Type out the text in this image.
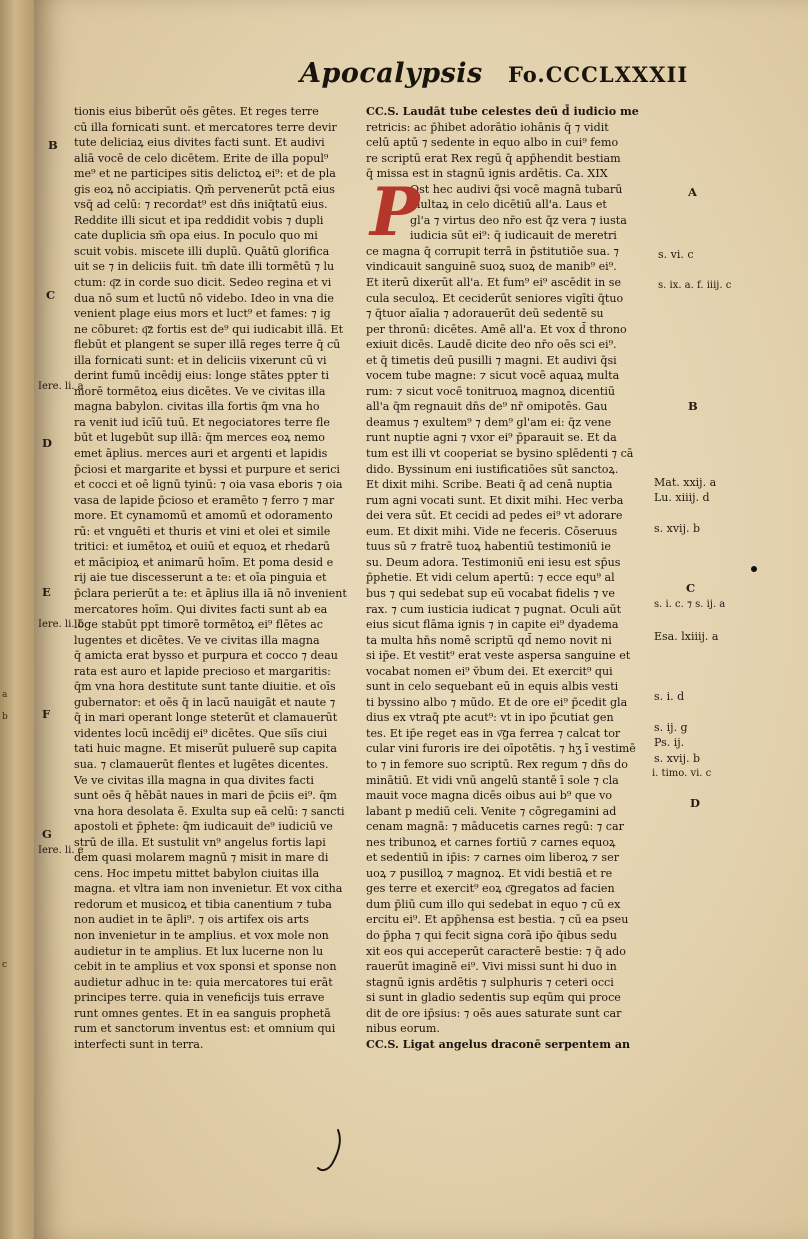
a
b
c
Apocalypsis Fo.CCCLXXXII
tionis eius biberūt oēs gētes. Et reges terre
cū illa fornicati sunt. et mercatores terre devir
tute deliciaꝝ eius divites facti sunt. Et audivi
aliā vocē de celo dicētem. Erite de illa popul⁹
me⁹ et ne participes sitis delictoꝝ ei⁹: et de pla
gis eoꝝ nō accipiatis. Qm̄ pervenerūt pctā eius
vsq̄ ad celū: ⁊ recordat⁹ est dn̄s iniq̄tatū eius.
Reddite illi sicut et ipa reddidit vobis ⁊ dupli
cate duplicia sm̄ opa eius. In poculo quo mi
scuit vobis. miscete illi duplū. Quātū glorifica
uit se ⁊ in deliciis fuit. tm̄ date illi tormētū ⁊ lu
ctum: q͞z in corde suo dicit. Sedeo regina et vi
dua nō sum et luctū nō videbo. Ideo in vna die
venient plage eius mors et luct⁹ et fames: ⁊ ig
ne cōburet: q͞z fortis est de⁹ qui iudicabit illā. Et
flebūt et plangent se super illā reges terre q̄ cū
illa fornicati sunt: et in deliciis vixerunt cū vi
derint fumū incēdij eius: longe stātes ppter ti
morē tormētoꝝ eius dicētes. Ve ve civitas illa
magna babylon. civitas illa fortis q̄m vna ho
ra venit iud icīū tuū. Et negociatores terre fle
būt et lugebūt sup illā: q̄m merces eoꝝ nemo
emet āplius. merces auri et argenti et lapidis
p̄ciosi et margarite et byssi et purpure et serici
et cocci et oē lignū tyinū: ⁊ oia vasa eboris ⁊ oia
vasa de lapide p̄cioso et eramēto ⁊ ferro ⁊ mar
more. Et cynamomū et amomū et odoramento
rū: et vnguēti et thuris et vini et olei et simile
tritici: et iumētoꝝ et ouiū et equoꝝ et rhedarū
et mācipioꝝ et animarū hoīm. Et poma desid e
rij aie tue discesserunt a te: et oīa pinguia et
p̄clara perierūt a te: et āplius illa iā nō invenient
mercatores hoīm. Qui divites facti sunt ab ea
lōge stabūt ppt timorē tormētoꝝ ei⁹ flētes ac
lugentes et dicētes. Ve ve civitas illa magna
q̄ amicta erat bysso et purpura et cocco ⁊ deau
rata est auro et lapide precioso et margaritis:
q̄m vna hora destitute sunt tante diuitie. et oīs
gubernator: et oēs q̄ in lacū nauigāt et naute ⁊
q̄ in mari operant longe steterūt et clamauerūt
videntes locū incēdij ei⁹ dicētes. Que siīs ciui
tati huic magne. Et miserūt puluerē sup capita
sua. ⁊ clamauerūt flentes et lugētes dicentes.
Ve ve civitas illa magna in qua divites facti
sunt oēs q̄ hēbāt naues in mari de p̄ciis ei⁹. q̄m
vna hora desolata ē. Exulta sup eā celū: ⁊ sancti
apostoli et p̄phete: q̄m iudicauit de⁹ iudiciū ve
strū de illa. Et sustulit vn⁹ angelus fortis lapi
dem quasi molarem magnū ⁊ misit in mare di
cens. Hoc impetu mittet babylon ciuitas illa
magna. et vltra iam non invenietur. Et vox citha
redorum et musicoꝝ et tibia canentium ⁊ tuba
non audiet in te āpli⁹. ⁊ ois artifex ois arts
non invenietur in te amplius. et vox mole non
audietur in te amplius. Et lux lucerne non lu
cebit in te amplius et vox sponsi et sponse non
audietur adhuc in te: quia mercatores tui erāt
principes terre. quia in veneficijs tuis errave
runt omnes gentes. Et in ea sanguis prophetā
rum et sanctorum inventus est: et omnium qui
interfecti sunt in terra.
CC.S. Laudāt tube celestes deū d̄ iudicio me
retricis: ac p̄hibet adorātio iohānis q̄ ⁊ vidit
celū aptū ⁊ sedente in equo albo in cui⁹ femo
re scriptū erat Rex regū q̄ app̄hendit bestiam
q̄ missa est in stagnū ignis ardētis. Ca. XIX
Ost hec audivi q̄si vocē magnā tubarū
multaꝝ in celo dicētiū all'a. Laus et
gl'a ⁊ virtus deo nr̄o est q̄z vera ⁊ iusta
iudicia sūt ei⁹: q̄ iudicauit de meretri
ce magna q̄ corrupit terrā in p̄stitutiōe sua. ⁊
vindicauit sanguinē suoꝝ suoꝝ de manib⁹ ei⁹.
Et iterū dixerūt all'a. Et fum⁹ ei⁹ ascēdit in se
cula seculoꝝ. Et ceciderūt seniores vigīti q̄tuo
⁊ q̄tuor aīalia ⁊ adorauerūt deū sedentē su
per thronū: dicētes. Amē all'a. Et vox d̄ throno
exiuit dicēs. Laudē dicite deo nr̄o oēs sci ei⁹.
et q̄ timetis deū pusilli ⁊ magni. Et audivi q̄si
vocem tube magne: ⁊ sicut vocē aquaꝝ multa
rum: ⁊ sicut vocē tonitruoꝝ magnoꝝ dicentiū
all'a q̄m regnauit dn̄s de⁹ nr̄ omipotēs. Gau
deamus ⁊ exultem⁹ ⁊ dem⁹ gl'am ei: q̄z vene
runt nuptie agni ⁊ vxor ei⁹ p̄parauit se. Et da
tum est illi vt cooperiat se bysino splēdenti ⁊ cā
dido. Byssinum eni iustificatiōes sūt sanctoꝝ.
Et dixit mihi. Scribe. Beati q̄ ad cenā nuptia
rum agni vocati sunt. Et dixit mihi. Hec verba
dei vera sūt. Et cecidi ad pedes ei⁹ vt adorare
eum. Et dixit mihi. Vide ne feceris. Cōseruus
tuus sū ⁊ fratrē tuoꝝ habentiū testimoniū ie
su. Deum adora. Testimoniū eni iesu est sp̄us
p̄phetie. Et vidi celum apertū: ⁊ ecce equ⁹ al
bus ⁊ qui sedebat sup eū vocabat fidelis ⁊ ve
rax. ⁊ cum iusticia iudicat ⁊ pugnat. Oculi aūt
eius sicut flāma ignis ⁊ in capite ei⁹ dyadema
ta multa hn̄s nomē scriptū qd̄ nemo novit ni
si ip̄e. Et vestit⁹ erat veste aspersa sanguine et
vocabat nomen ei⁹ v̄bum dei. Et exercit⁹ qui
sunt in celo sequebant eū in equis albis vesti
ti byssino albo ⁊ mūdo. Et de ore ei⁹ p̄cedit gla
dius ex vtraq̄ pte acut⁹: vt in ipo p̄cutiat gen
tes. Et ip̄e reget eas in v͞ga ferrea ⁊ calcat tor
cular vini furoris ire dei oīpotētis. ⁊ hʒ ī vestimē
to ⁊ in femore suo scriptū. Rex regum ⁊ dn̄s do
minātiū. Et vidi vnū angelū stantē ī sole ⁊ cla
mauit voce magna dicēs oibus aui b⁹ que vo
labant p mediū celi. Venite ⁊ cōgregamini ad
cenam magnā: ⁊ māducetis carnes regū: ⁊ car
nes tribunoꝝ et carnes fortiū ⁊ carnes equoꝝ
et sedentiū in ip̄is: ⁊ carnes oim liberoꝝ ⁊ ser
uoꝝ ⁊ pusilloꝝ ⁊ magnoꝝ. Et vidi bestiā et re
ges terre et exercit⁹ eoꝝ c͞gregatos ad facien
dum p̄liū cum illo qui sedebat in equo ⁊ cū ex
ercitu ei⁹. Et app̄hensa est bestia. ⁊ cū ea pseu
do p̄pha ⁊ qui fecit signa corā ip̄o q̄ibus sedu
xit eos qui acceperūt caracterē bestie: ⁊ q̄ ado
rauerūt imaginē ei⁹. Vivi missi sunt hi duo in
stagnū ignis ardētis ⁊ sulphuris ⁊ ceteri occi
si sunt in gladio sedentis sup eqūm qui proce
dit de ore ip̄sius: ⁊ oēs aues saturate sunt car
nibus eorum.
CC.S. Ligat angelus draconē serpentem an
P
B
C
D
E
F
G
Iere. li. a
Iere. li. b
Iere. li. e
A
B
C
D
s. vi. c
s. ix. a. f. iiij. c
Mat. xxij. a
Lu. xiiij. d
s. xvij. b
s. i. c. ⁊ s. ij. a
Esa. lxiiij. a
s. i. d
s. ij. g
Ps. ij.
s. xvij. b
i. timo. vi. c
